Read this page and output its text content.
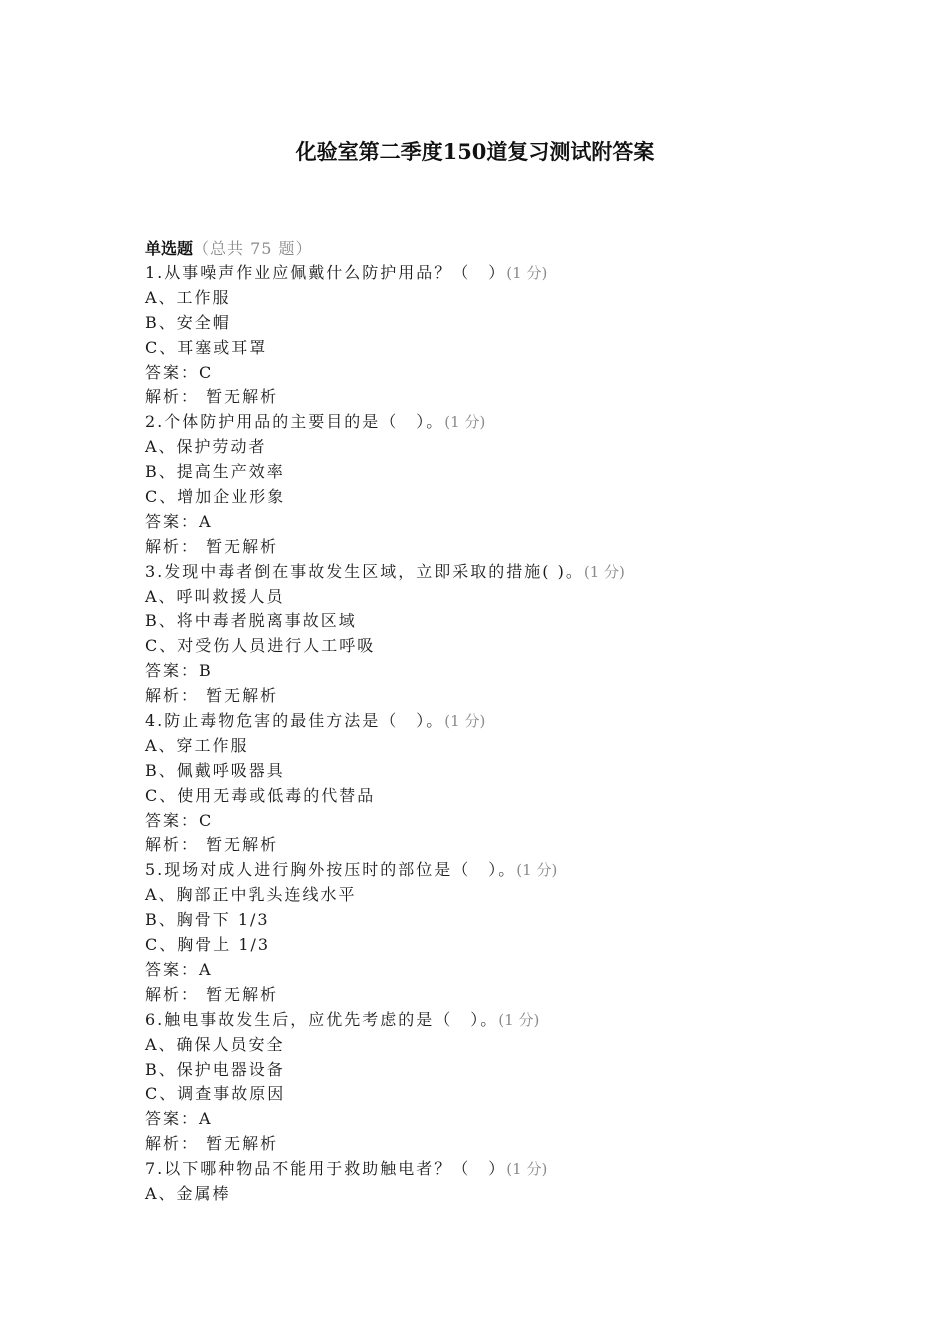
化验室第二季度150道复习测试附答案
单选题（总共 75 题）
1.从事噪声作业应佩戴什么防护用品？（　）(1 分)
A、工作服
B、安全帽
C、耳塞或耳罩
答案：C
解析： 暂无解析
2.个体防护用品的主要目的是（　）。(1 分)
A、保护劳动者
B、提高生产效率
C、增加企业形象
答案：A
解析： 暂无解析
3.发现中毒者倒在事故发生区域，立即采取的措施( )。(1 分)
A、呼叫救援人员
B、将中毒者脱离事故区域
C、对受伤人员进行人工呼吸
答案：B
解析： 暂无解析
4.防止毒物危害的最佳方法是（　）。(1 分)
A、穿工作服
B、佩戴呼吸器具
C、使用无毒或低毒的代替品
答案：C
解析： 暂无解析
5.现场对成人进行胸外按压时的部位是（　）。(1 分)
A、胸部正中乳头连线水平
B、胸骨下 1/3
C、胸骨上 1/3
答案：A
解析： 暂无解析
6.触电事故发生后，应优先考虑的是（　）。(1 分)
A、确保人员安全
B、保护电器设备
C、调查事故原因
答案：A
解析： 暂无解析
7.以下哪种物品不能用于救助触电者？（　）(1 分)
A、金属棒
